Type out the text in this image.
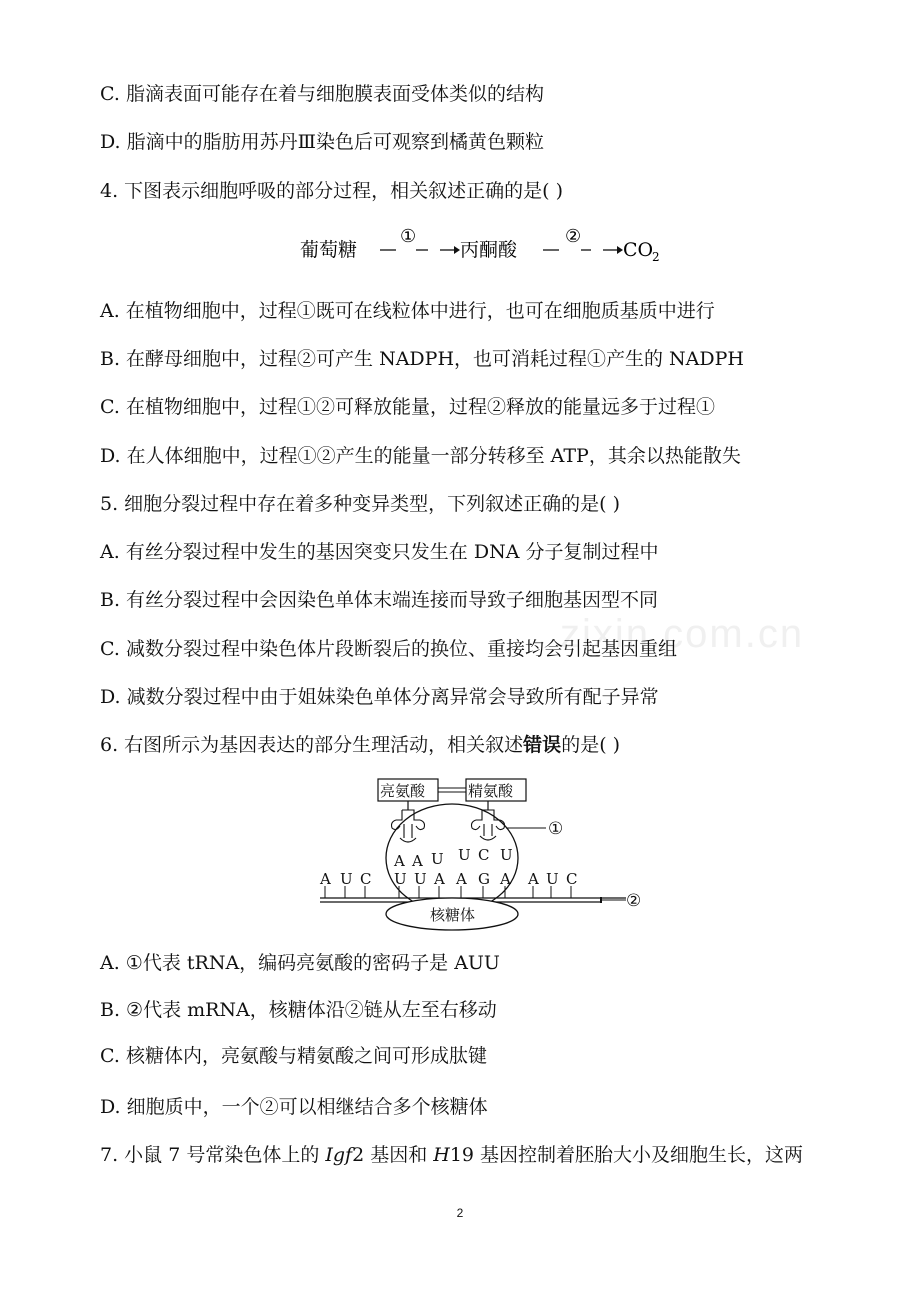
zixin.com.cn
C. 脂滴表面可能存在着与细胞膜表面受体类似的结构
D. 脂滴中的脂肪用苏丹Ⅲ染色后可观察到橘黄色颗粒
4. 下图表示细胞呼吸的部分过程，相关叙述正确的是( )
葡萄糖
①
丙酮酸
②
CO
2
A. 在植物细胞中，过程①既可在线粒体中进行，也可在细胞质基质中进行
B. 在酵母细胞中，过程②可产生 NADPH，也可消耗过程①产生的 NADPH
C. 在植物细胞中，过程①②可释放能量，过程②释放的能量远多于过程①
D. 在人体细胞中，过程①②产生的能量一部分转移至 ATP，其余以热能散失
5. 细胞分裂过程中存在着多种变异类型，下列叙述正确的是( )
A. 有丝分裂过程中发生的基因突变只发生在 DNA 分子复制过程中
B. 有丝分裂过程中会因染色单体末端连接而导致子细胞基因型不同
C. 减数分裂过程中染色体片段断裂后的换位、重接均会引起基因重组
D. 减数分裂过程中由于姐妹染色单体分离异常会导致所有配子异常
6. 右图所示为基因表达的部分生理活动，相关叙述错误的是( )
亮氨酸	精氨酸
①
A A U U C U
A U C U U A A G A A U C
②
核糖体
A. ①代表 tRNA，编码亮氨酸的密码子是 AUU
B. ②代表 mRNA，核糖体沿②链从左至右移动
C. 核糖体内，亮氨酸与精氨酸之间可形成肽键
D. 细胞质中，一个②可以相继结合多个核糖体
7. 小鼠 7 号常染色体上的 Igf2 基因和 H19 基因控制着胚胎大小及细胞生长，这两
2
